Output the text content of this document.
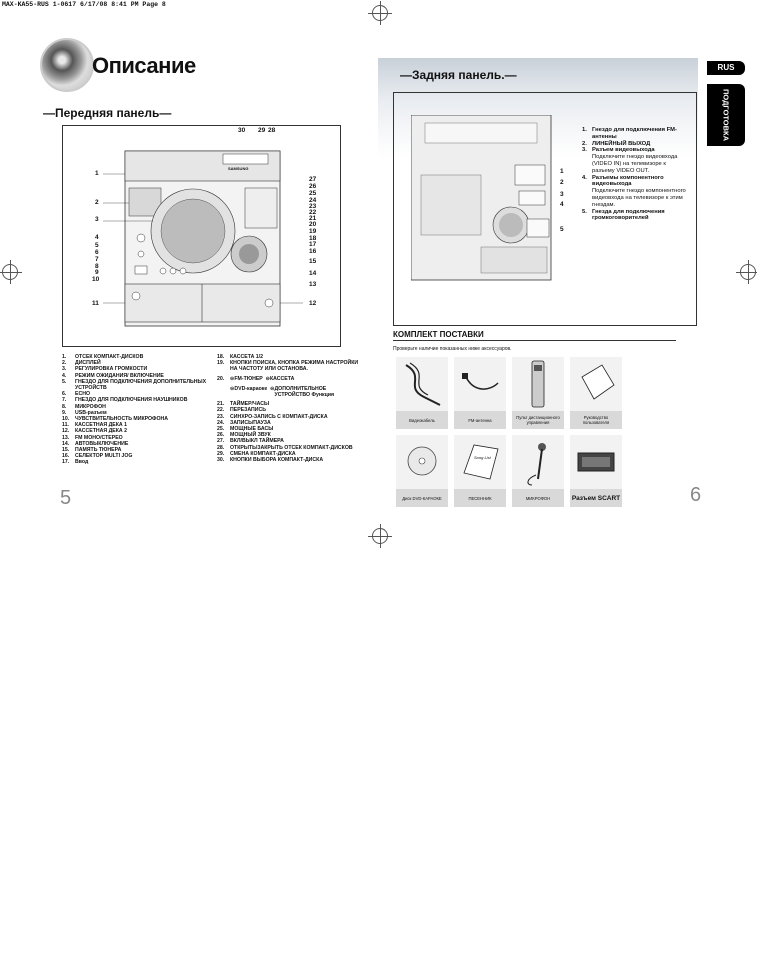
MAX-KA55-RUS 1-0617 6/17/08 8:41 PM Page 8
Описание
—Передняя панель—
SAMSUNG
30 29 28
1
2
3
4
5
6
7
8
9
10
11
27
26
25
24
23
22
21
20
19
18
17
16
15
14
13
12
1.	ОТСЕК КОМПАКТ-ДИСКОВ
2.	ДИСПЛЕЙ
3.	РЕГУЛИРОВКА ГРОМКОСТИ
4.	РЕЖИМ ОЖИДАНИЯ/ ВКЛЮЧЕНИЕ
5.	ГНЕЗДО ДЛЯ ПОДКЛЮЧЕНИЯ ДОПОЛНИТЕЛЬНЫХ УСТРОЙСТВ
6.	ECHO
7.	ГНЕЗДО ДЛЯ ПОДКЛЮЧЕНИЯ НАУШНИКОВ
8.	МИКРОФОН
9.	USB-разъем
10.	ЧУВСТВИТЕЛЬНОСТЬ МИКРОФОНА
11.	КАССЕТНАЯ ДЕКА 1
12.	КАССЕТНАЯ ДЕКА 2
13.	FM МОНО/СТЕРЕО
14.	АВТОВЫКЛЮЧЕНИЕ
15.	ПАМЯТЬ ТЮНЕРА
16.	СЕЛЕКТОР MULTI JOG
17.	Ввод
18.	КАССЕТА 1/2
19.	КНОПКИ ПОИСКА, КНОПКА РЕЖИМА НАСТРОЙКИ НА ЧАСТОТУ ИЛИ ОСТАНОВА.
20.	⊝ FM-ТЮНЕР
⊝ КАССЕТА
⊝ DVD-караоке
⊝ ДОПОЛНИТЕЛЬНОЕ УСТРОЙСТВО Функция
21.	ТАЙМЕР/ЧАСЫ
22.	ПЕРЕЗАПИСЬ
23.	СИНХРО-ЗАПИСЬ С КОМПАКТ-ДИСКА
24.	ЗАПИСЬ/ПАУЗА
25.	МОЩНЫЕ БАСЫ
26.	МОЩНЫЙ ЗВУК
27.	ВКЛ/ВЫКЛ ТАЙМЕРА
28.	ОТКРЫТЬ/ЗАКРЫТЬ ОТСЕК КОМПАКТ-ДИСКОВ
29.	СМЕНА КОМПАКТ-ДИСКА
30.	КНОПКИ ВЫБОРА КОМПАКТ-ДИСКА
5
—Задняя панель.—
RUS
ПОДГОТОВКА
1
2
3
4
5
1. Гнездо для подключения FM-антенны
2. ЛИНЕЙНЫЙ ВЫХОД
3. Разъем видеовыхода
Подключите гнездо видеовхода (VIDEO IN) на телевизоре к разъему VIDEO OUT.
4. Разъемы компонентного видеовыхода
Подключите гнездо компонентного видеовхода на телевизоре к этим гнездам.
5. Гнезда для подключения громкоговорителей
КОМПЛЕКТ ПОСТАВКИ
Проверьте наличие показанных ниже аксессуаров.
Видеокабель	FM-антенна	Пульт дистанционного управления
Руководство пользователя
Диск DVD-КАРАОКЕ
Song List
ПЕСЕННИК	МИКРОФОН	Разъем SCART	6
